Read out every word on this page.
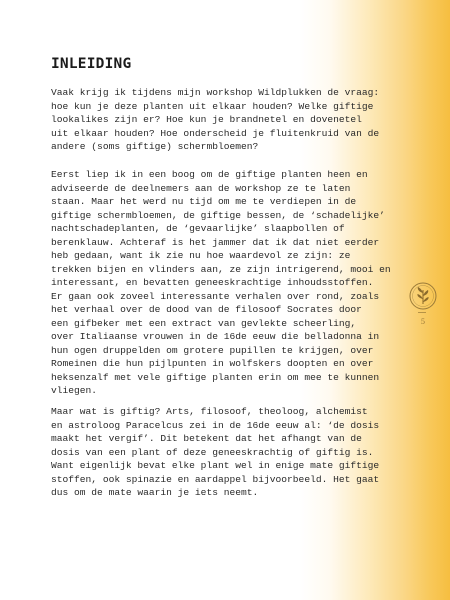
INLEIDING
Vaak krijg ik tijdens mijn workshop Wildplukken de vraag:
hoe kun je deze planten uit elkaar houden? Welke giftige
lookalikes zijn er? Hoe kun je brandnetel en dovenetel
uit elkaar houden? Hoe onderscheid je fluitenkruid van de
andere (soms giftige) schermbloemen?
Eerst liep ik in een boog om de giftige planten heen en
adviseerde de deelnemers aan de workshop ze te laten
staan. Maar het werd nu tijd om me te verdiepen in de
giftige schermbloemen, de giftige bessen, de ‘schadelijke’
nachtschadeplanten, de ‘gevaarlijke’ slaapbollen of
berenklauw. Achteraf is het jammer dat ik dat niet eerder
heb gedaan, want ik zie nu hoe waardevol ze zijn: ze
trekken bijen en vlinders aan, ze zijn intrigerend, mooi en
interessant, en bevatten geneeskrachtige inhoudsstoffen.
Er gaan ook zoveel interessante verhalen over rond, zoals
het verhaal over de dood van de filosoof Socrates door
een gifbeker met een extract van gevlekte scheerling,
over Italiaanse vrouwen in de 16de eeuw die belladonna in
hun ogen druppelden om grotere pupillen te krijgen, over
Romeinen die hun pijlpunten in wolfskers doopten en over
heksenzalf met vele giftige planten erin om mee te kunnen
vliegen.
Maar wat is giftig? Arts, filosoof, theoloog, alchemist
en astroloog Paracelcus zei in de 16de eeuw al: ‘de dosis
maakt het vergif’. Dit betekent dat het afhangt van de
dosis van een plant of deze geneeskrachtig of giftig is.
Want eigenlijk bevat elke plant wel in enige mate giftige
stoffen, ook spinazie en aardappel bijvoorbeeld. Het gaat
dus om de mate waarin je iets neemt.
5
